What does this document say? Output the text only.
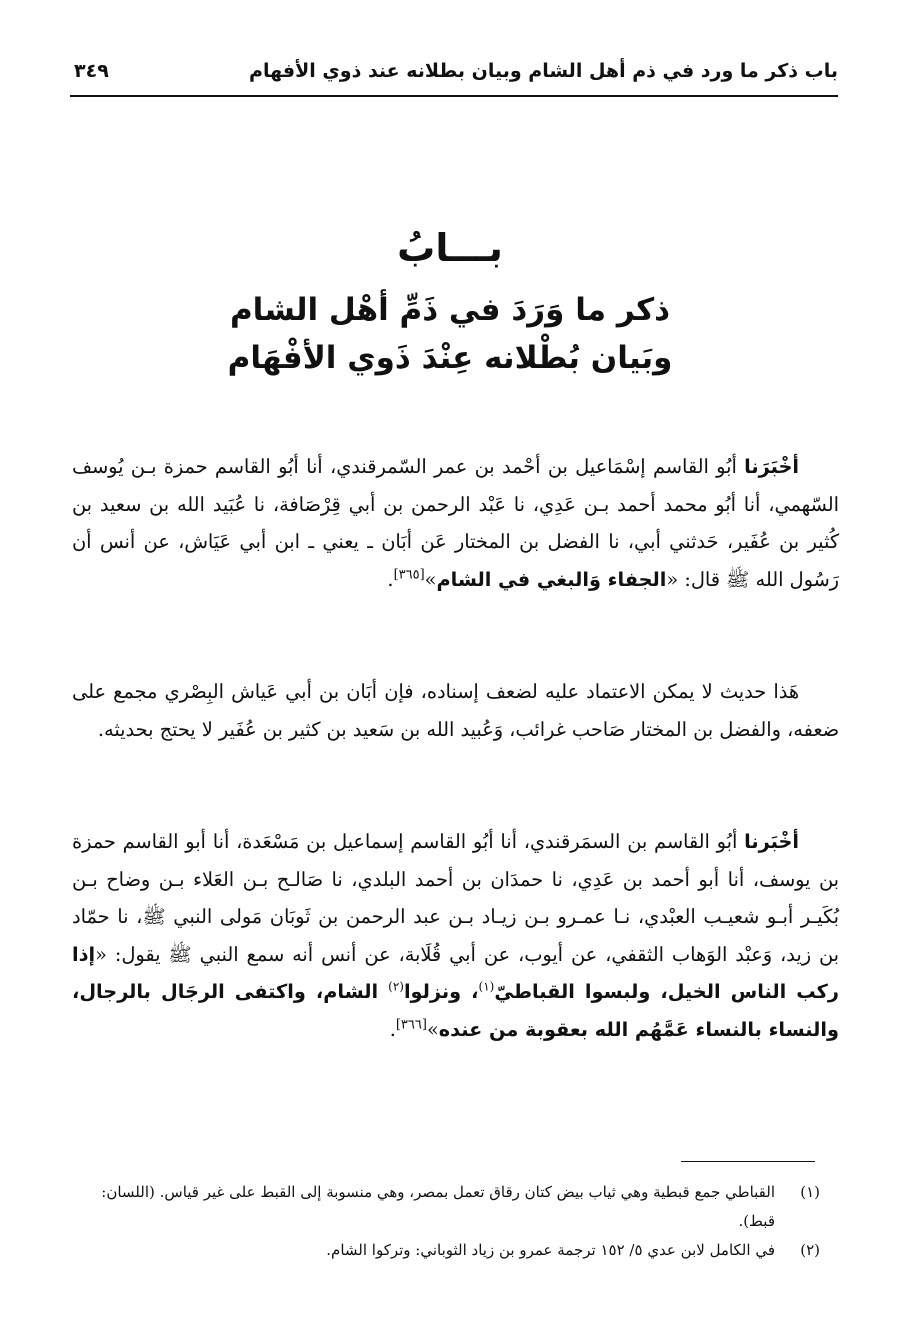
باب ذكر ما ورد في ذم أهل الشام وبيان بطلانه عند ذوي الأفهام
٣٤٩
بـــابُ
ذكر ما وَرَدَ في ذَمِّ أهْل الشام
وبَيان بُطْلانه عِنْدَ ذَوي الأفْهَام

أخْبَرَنا أبُو القاسم إسْمَاعيل بن أحْمد بن عمر السّمرقندي، أنا أبُو القاسم حمزة بـن يُوسف السّهمي، أنا أبُو محمد أحمد بـن عَدِي، نا عَبْد الرحمن بن أبي قِرْصَافة، نا عُبَيد الله بن سعيد بن كُثير بن عُفَير، حَدثني أبي، نا الفضل بن المختار عَن أبَان ـ يعني ـ ابن أبي عَيَاش، عن أنس أن رَسُول الله ﷺ قال: «الجفاء وَالبغي في الشام»[٣٦٥].

هَذا حديث لا يمكن الاعتماد عليه لضعف إسناده، فإن أبَان بن أبي عَياش البِصْري مجمع على ضعفه، والفضل بن المختار صَاحب غرائب، وَعُبيد الله بن سَعيد بن كثير بن عُفَير لا يحتج بحديثه.

أخْبَرنا أبُو القاسم بن السمَرقندي، أنا أبُو القاسم إسماعيل بن مَسْعَدة، أنا أبو القاسم حمزة بن يوسف، أنا أبو أحمد بن عَدِي، نا حمدَان بن أحمد البلدي، نا صَالـح بـن العَلاء بـن وضاح بـن بُكَيـر أبـو شعيـب العبْدي، نـا عمـرو بـن زيـاد بـن عبد الرحمن بن ثَوبَان مَولى النبي ﷺ، نا حمّاد بن زيد، وَعبْد الوَهاب الثقفي، عن أيوب، عن أبي قُلَابة، عن أنس أنه سمع النبي ﷺ يقول: «إذا ركب الناس الخيل، ولبسوا القباطيّ$^{(١)}$، ونزلوا$^{(٢)}$ الشام، واكتفى الرجَال بالرجال، والنساء بالنساء عَمَّهُم الله بعقوبة من عنده»[٣٦٦].

(١)
القباطي جمع قبطية وهي ثياب بيض كتان رقاق تعمل بمصر، وهي منسوبة إلى القبط على غير قياس. (اللسان: قبط).
(٢)
في الكامل لابن عدي ٥/ ١٥٢ ترجمة عمرو بن زياد الثوباني: وتركوا الشام.
